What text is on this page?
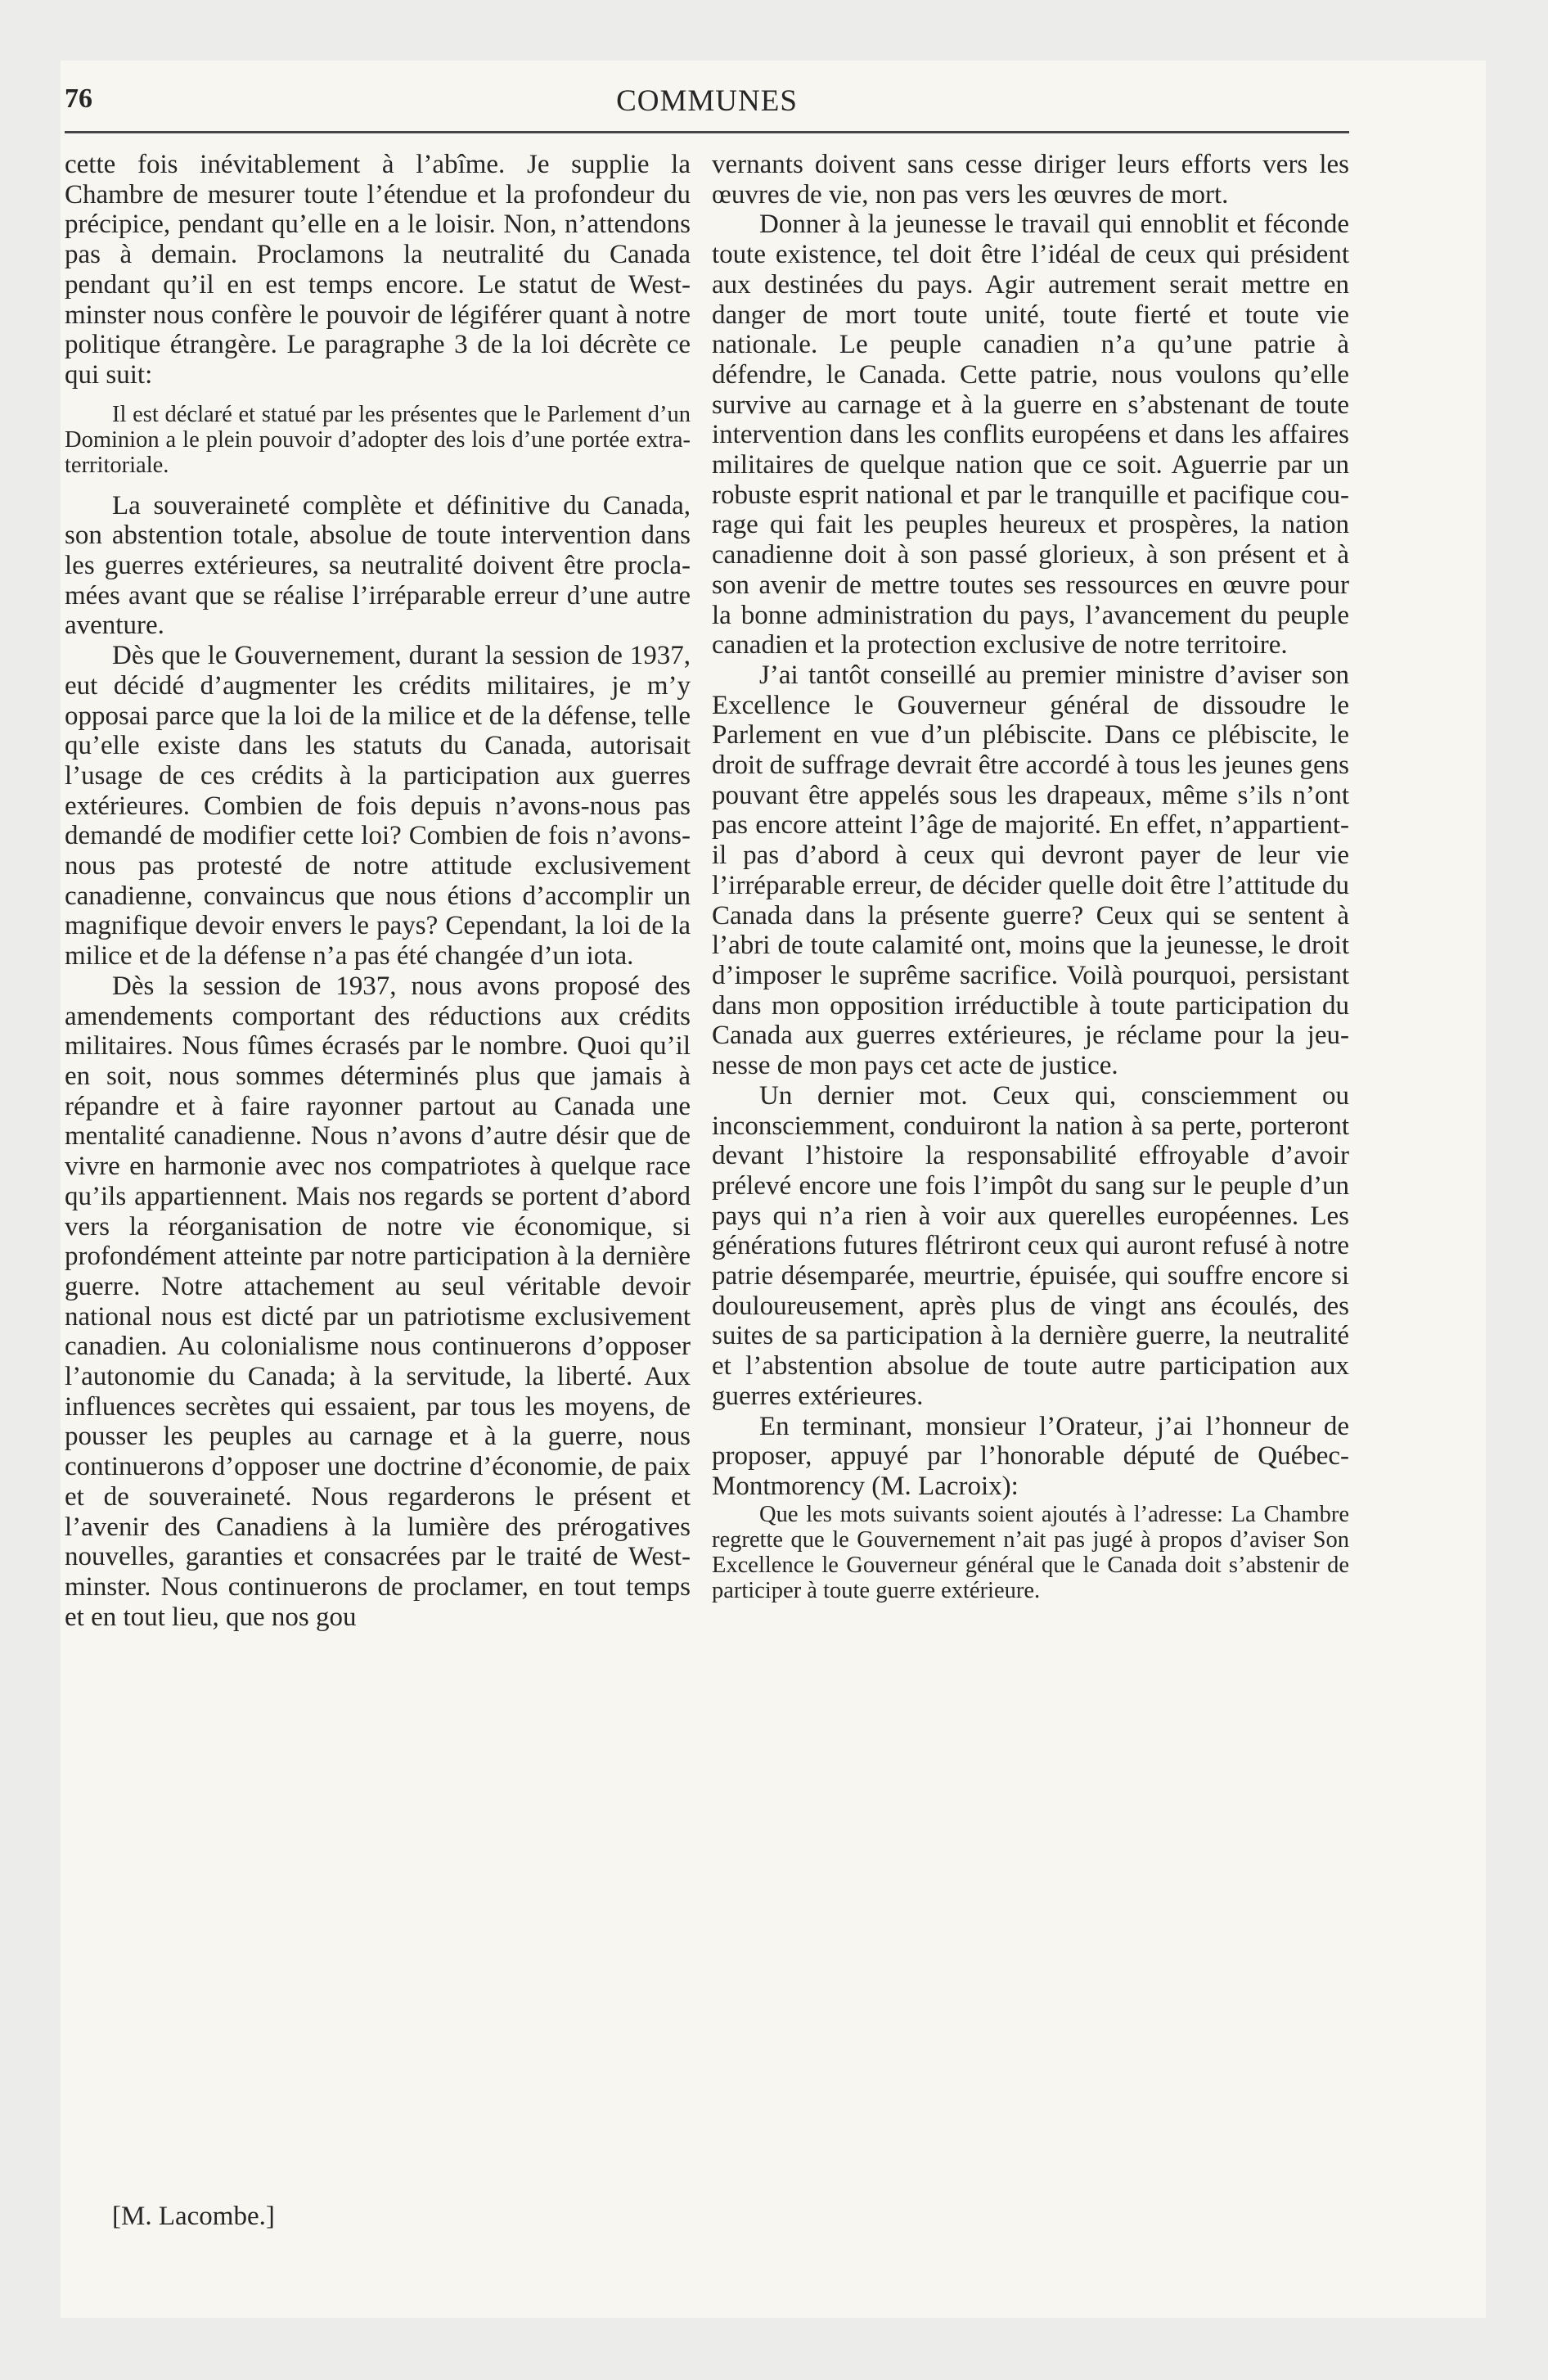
76	COMMUNES

cette fois inévitablement à l’abîme. Je supplie la Chambre de mesurer toute l’étendue et la profondeur du précipice, pendant qu’elle en a le loisir. Non, n’attendons pas à demain. Proclamons la neutralité du Canada pendant qu’il en est temps encore. Le statut de Westminster nous confère le pouvoir de légiférer quant à notre politique étrangère. Le paragraphe 3 de la loi décrète ce qui suit:

Il est déclaré et statué par les présentes que le Parlement d’un Dominion a le plein pouvoir d’adopter des lois d’une portée extra-territoriale.

La souveraineté complète et définitive du Canada, son abstention totale, absolue de toute intervention dans les guerres extérieures, sa neutralité doivent être proclamées avant que se réalise l’irréparable erreur d’une autre aventure.

Dès que le Gouvernement, durant la session de 1937, eut décidé d’augmenter les crédits militaires, je m’y opposai parce que la loi de la milice et de la défense, telle qu’elle existe dans les statuts du Canada, autorisait l’usage de ces crédits à la participation aux guerres extérieures. Combien de fois depuis n’avons-nous pas demandé de modifier cette loi? Combien de fois n’avons-nous pas protesté de notre attitude exclusivement canadienne, convaincus que nous étions d’accomplir un magnifique devoir envers le pays? Cependant, la loi de la milice et de la défense n’a pas été changée d’un iota.

Dès la session de 1937, nous avons proposé des amendements comportant des réductions aux crédits militaires. Nous fûmes écrasés par le nombre. Quoi qu’il en soit, nous sommes déterminés plus que jamais à répandre et à faire rayonner partout au Canada une mentalité canadienne. Nous n’avons d’autre désir que de vivre en harmonie avec nos compatriotes à quelque race qu’ils appartiennent. Mais nos regards se portent d’abord vers la réorganisation de notre vie économique, si profondément atteinte par notre participation à la dernière guerre. Notre attachement au seul véritable devoir national nous est dicté par un patriotisme exclusivement canadien. Au colonialisme nous continuerons d’opposer l’autonomie du Canada; à la servitude, la liberté. Aux influences secrètes qui essaient, par tous les moyens, de pousser les peuples au carnage et à la guerre, nous continuerons d’opposer une doctrine d’économie, de paix et de souveraineté. Nous regarderons le présent et l’avenir des Canadiens à la lumière des prérogatives nouvelles, garanties et consacrées par le traité de Westminster. Nous continuerons de proclamer, en tout temps et en tout lieu, que nos gou

[M. Lacombe.]

vernants doivent sans cesse diriger leurs efforts vers les œuvres de vie, non pas vers les œuvres de mort.

Donner à la jeunesse le travail qui ennoblit et féconde toute existence, tel doit être l’idéal de ceux qui président aux destinées du pays. Agir autrement serait mettre en danger de mort toute unité, toute fierté et toute vie nationale. Le peuple canadien n’a qu’une patrie à défendre, le Canada. Cette patrie, nous voulons qu’elle survive au carnage et à la guerre en s’abstenant de toute intervention dans les conflits européens et dans les affaires militaires de quelque nation que ce soit. Aguerrie par un robuste esprit national et par le tranquille et pacifique courage qui fait les peuples heureux et prospères, la nation canadienne doit à son passé glorieux, à son présent et à son avenir de mettre toutes ses ressources en œuvre pour la bonne administration du pays, l’avancement du peuple canadien et la protection exclusive de notre territoire.

J’ai tantôt conseillé au premier ministre d’aviser son Excellence le Gouverneur général de dissoudre le Parlement en vue d’un plébiscite. Dans ce plébiscite, le droit de suffrage devrait être accordé à tous les jeunes gens pouvant être appelés sous les drapeaux, même s’ils n’ont pas encore atteint l’âge de majorité. En effet, n’appartient-il pas d’abord à ceux qui devront payer de leur vie l’irréparable erreur, de décider quelle doit être l’attitude du Canada dans la présente guerre? Ceux qui se sentent à l’abri de toute calamité ont, moins que la jeunesse, le droit d’imposer le suprême sacrifice. Voilà pourquoi, persistant dans mon opposition irréductible à toute participation du Canada aux guerres extérieures, je réclame pour la jeunesse de mon pays cet acte de justice.

Un dernier mot. Ceux qui, consciemment ou inconsciemment, conduiront la nation à sa perte, porteront devant l’histoire la responsabilité effroyable d’avoir prélevé encore une fois l’impôt du sang sur le peuple d’un pays qui n’a rien à voir aux querelles européennes. Les générations futures flétriront ceux qui auront refusé à notre patrie désemparée, meurtrie, épuisée, qui souffre encore si douloureusement, après plus de vingt ans écoulés, des suites de sa participation à la dernière guerre, la neutralité et l’abstention absolue de toute autre participation aux guerres extérieures.

En terminant, monsieur l’Orateur, j’ai l’honneur de proposer, appuyé par l’honorable député de Québec-Montmorency (M. Lacroix):

Que les mots suivants soient ajoutés à l’adresse: La Chambre regrette que le Gouvernement n’ait pas jugé à propos d’aviser Son Excellence le Gouverneur général que le Canada doit s’abstenir de participer à toute guerre extérieure.
